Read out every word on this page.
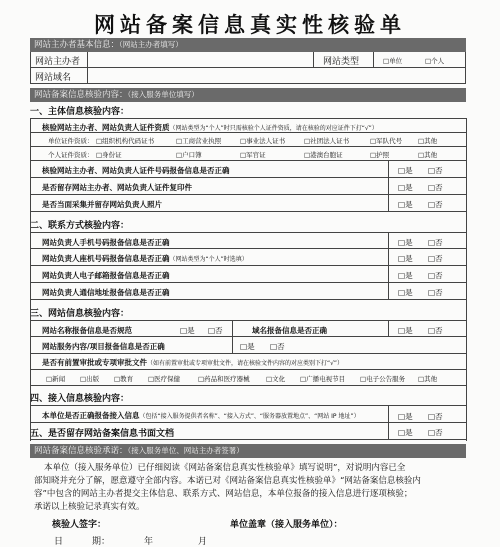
网站备案信息真实性核验单
网站主办者基本信息：（网站主办者填写）
网站主办者	网站类型	□单位	□个人
网站域名
网站备案信息核验内容：（接入服务单位填写）
一、主体信息核验内容：
核验网站主办者、网站负责人证件资质（网站类型为“个人”时只需核验个人证件资质，请在核验的对应证件下打“√”）
单位证件资质： □组织机构代码证书	□工商营业执照	□事业法人证书	□社团法人证书	□军队代号 □其他
个人证件资质： □身份证	□户口簿	□军官证	□港澳台胞证	□护照	□其他
核验网站主办者、网站负责人证件号码报备信息是否正确	□是 □否
是否留存网站主办者、网站负责人证件复印件	□是 □否
是否当面采集并留存网站负责人照片	□是 □否
二、联系方式核验内容：
网站负责人手机号码报备信息是否正确	□是 □否
网站负责人座机号码报备信息是否正确（网站类型为“个人”时选填）	□是 □否
网站负责人电子邮箱报备信息是否正确	□是 □否
网站负责人通信地址报备信息是否正确	□是 □否
三、网站信息核验内容：
网站名称报备信息是否规范	□是 □否	域名报备信息是否正确	□是 □否
网站服务内容/项目报备信息是否正确	□是 □否
是否有前置审批或专项审批文件（如有前置审批或专项审批文件，请在核验文件内容的对应类别下打“√”）
□新闻 □出版 □教育 □医疗保健	□药品和医疗器械	□文化 □广播电视节目 □电子公告服务 □其他
四、接入信息核验内容：
本单位是否正确报备接入信息（包括“接入服务提供者名称”、“接入方式”、“服务器放置地点”、“网站 IP 地址”）	□是 □否
五、是否留存网站备案信息书面文档	□是 □否
网站备案信息核验承诺：（接入服务单位、网站主办者签署）
本单位（接入服务单位）已仔细阅读《网站备案信息真实性核验单》填写说明”，对说明内容已全
部知晓并充分了解，愿意遵守全部内容。本诺已对《网站备案信息真实性核验单》“网站备案信息核验内
容”中包含的网站主办者提交主体信息、联系方式、网站信息，本单位报备的接入信息进行逐项核验；
承诺以上核验记录真实有效。
核验人签字：	单位盖章（接入服务单位）：
日	期：	年	月
